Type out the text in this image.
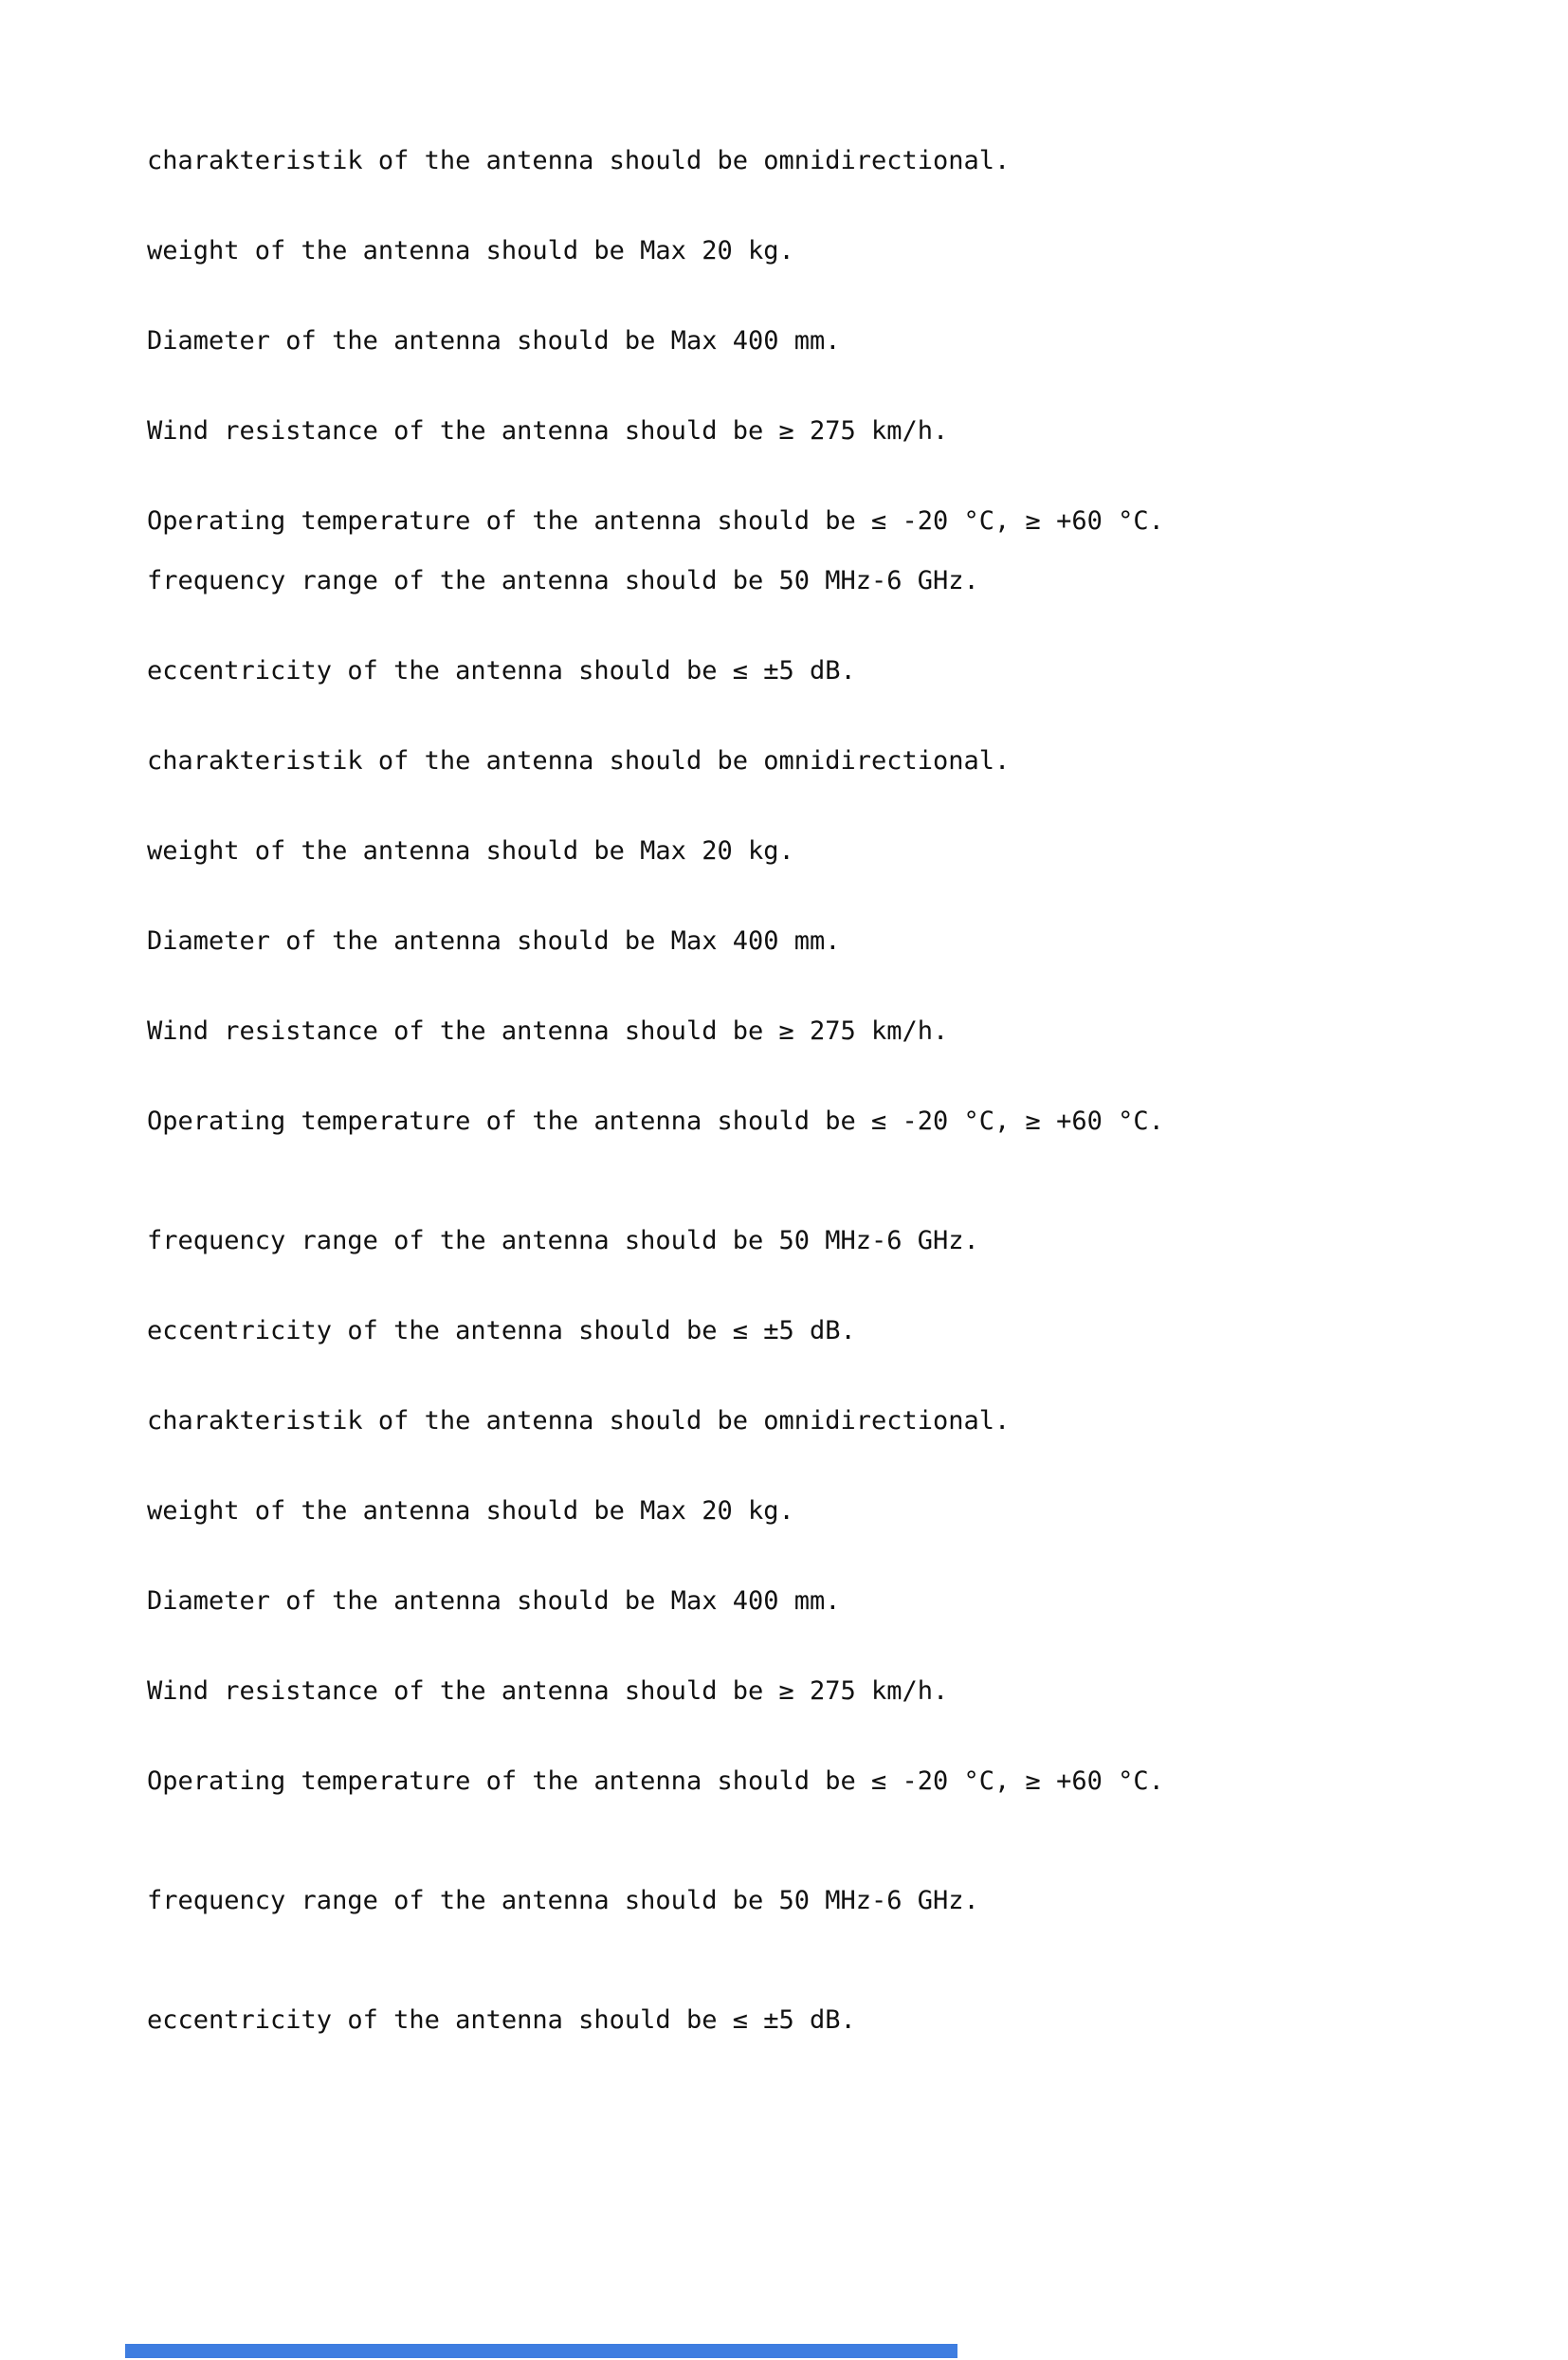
charakteristik of the antenna should be omnidirectional.

weight of the antenna should be Max 20 kg.

Diameter of the antenna should be Max 400 mm.

Wind resistance of the antenna should be ≥ 275 km/h.

Operating temperature of the antenna should be ≤ -20 °C, ≥ +60 °C.

frequency range of the antenna should be 50 MHz-6 GHz.

eccentricity of the antenna should be ≤ ±5 dB.

charakteristik of the antenna should be omnidirectional.

weight of the antenna should be Max 20 kg.

Diameter of the antenna should be Max 400 mm.

Wind resistance of the antenna should be ≥ 275 km/h.

Operating temperature of the antenna should be ≤ -20 °C, ≥ +60 °C.

frequency range of the antenna should be 50 MHz-6 GHz.

eccentricity of the antenna should be ≤ ±5 dB.

charakteristik of the antenna should be omnidirectional.

weight of the antenna should be Max 20 kg.

Diameter of the antenna should be Max 400 mm.

Wind resistance of the antenna should be ≥ 275 km/h.

Operating temperature of the antenna should be ≤ -20 °C, ≥ +60 °C.

frequency range of the antenna should be 50 MHz-6 GHz.

eccentricity of the antenna should be ≤ ±5 dB.
